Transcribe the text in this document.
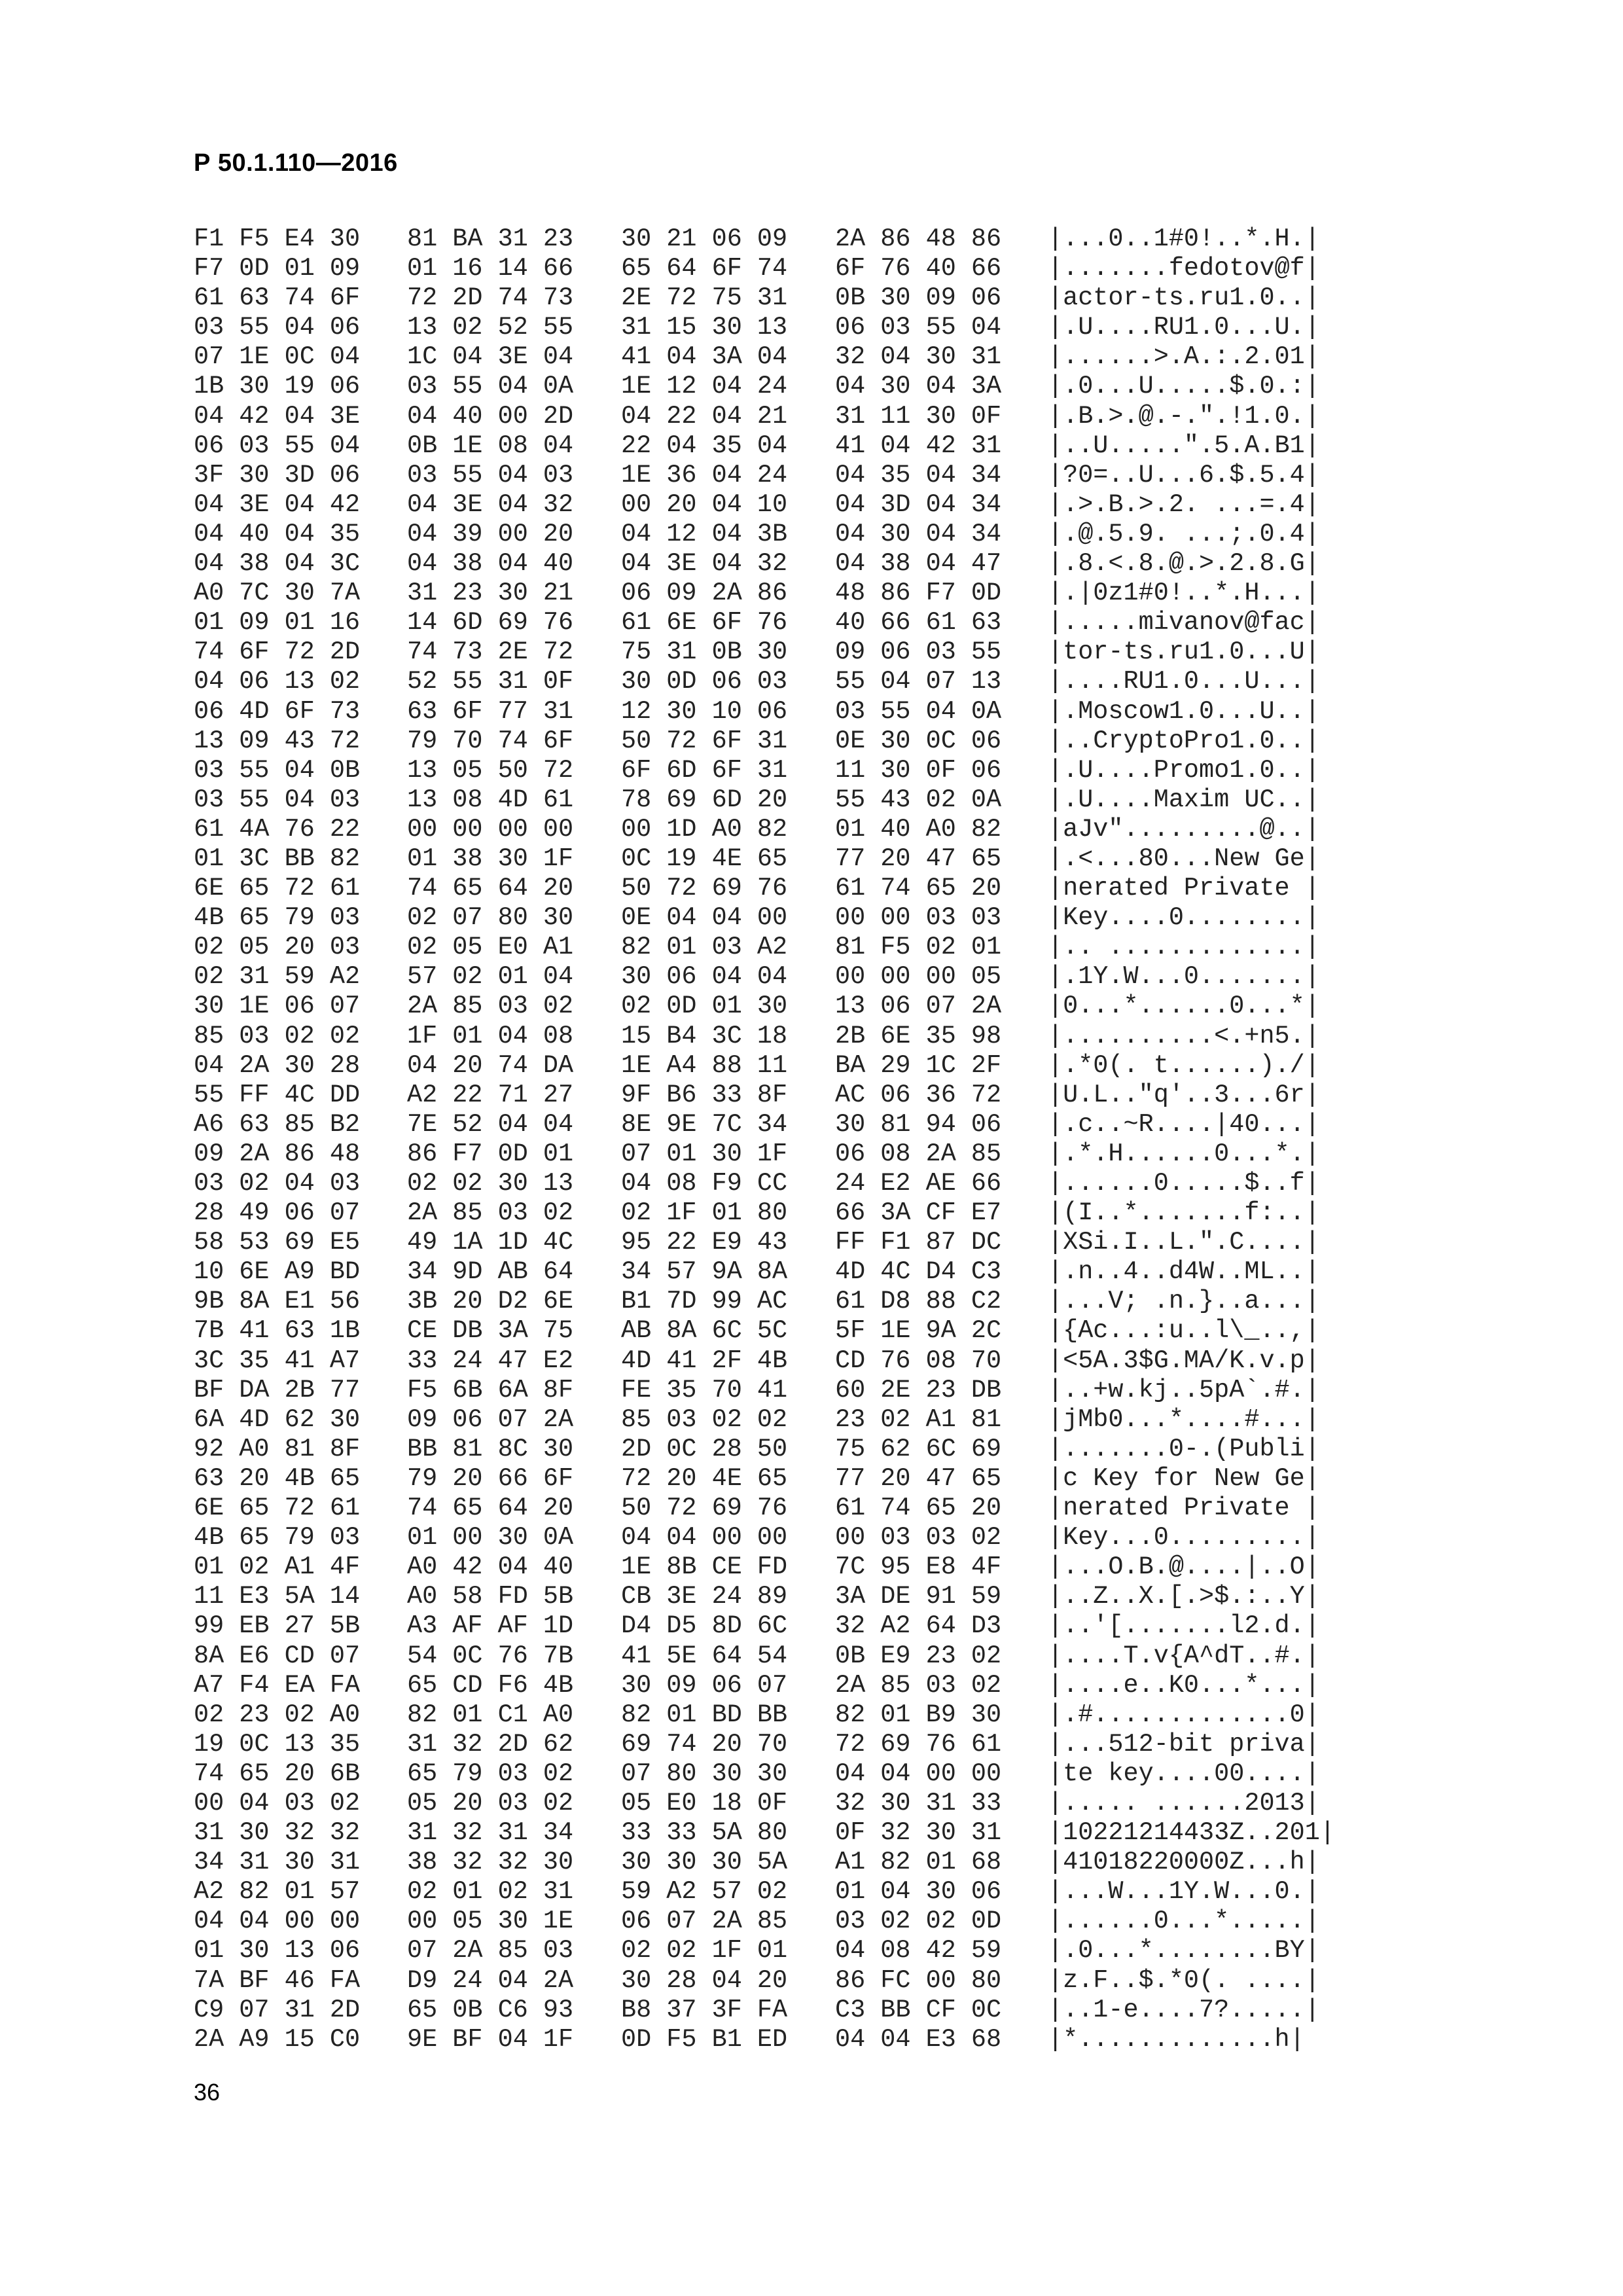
Р 50.1.110—2016
F1 F5 E4 30	81 BA 31 23	30 21 06 09	2A 86 48 86	|...0..1#0!..*.H.|
F7 0D 01 09	01 16 14 66	65 64 6F 74	6F 76 40 66	|.......fedotov@f|
61 63 74 6F	72 2D 74 73	2E 72 75 31	0B 30 09 06	|actor-ts.ru1.0..|
03 55 04 06	13 02 52 55	31 15 30 13	06 03 55 04	|.U....RU1.0...U.|
07 1E 0C 04	1C 04 3E 04	41 04 3A 04	32 04 30 31	|......>.A.:.2.01|
1B 30 19 06	03 55 04 0A	1E 12 04 24	04 30 04 3A	|.0...U.....$.0.:|
04 42 04 3E	04 40 00 2D	04 22 04 21	31 11 30 0F	|.B.>.@.-.".!1.0.|
06 03 55 04	0B 1E 08 04	22 04 35 04	41 04 42 31	|..U.....".5.A.B1|
3F 30 3D 06	03 55 04 03	1E 36 04 24	04 35 04 34	|?0=..U...6.$.5.4|
04 3E 04 42	04 3E 04 32	00 20 04 10	04 3D 04 34	|.>.B.>.2. ...=.4|
04 40 04 35	04 39 00 20	04 12 04 3B	04 30 04 34	|.@.5.9. ...;.0.4|
04 38 04 3C	04 38 04 40	04 3E 04 32	04 38 04 47	|.8.<.8.@.>.2.8.G|
A0 7C 30 7A	31 23 30 21	06 09 2A 86	48 86 F7 0D	|.|0z1#0!..*.H...|
01 09 01 16	14 6D 69 76	61 6E 6F 76	40 66 61 63	|.....mivanov@fac|
74 6F 72 2D	74 73 2E 72	75 31 0B 30	09 06 03 55	|tor-ts.ru1.0...U|
04 06 13 02	52 55 31 0F	30 0D 06 03	55 04 07 13	|....RU1.0...U...|
06 4D 6F 73	63 6F 77 31	12 30 10 06	03 55 04 0A	|.Moscow1.0...U..|
13 09 43 72	79 70 74 6F	50 72 6F 31	0E 30 0C 06	|..CryptoPro1.0..|
03 55 04 0B	13 05 50 72	6F 6D 6F 31	11 30 0F 06	|.U....Promo1.0..|
03 55 04 03	13 08 4D 61	78 69 6D 20	55 43 02 0A	|.U....Maxim UC..|
61 4A 76 22	00 00 00 00	00 1D A0 82	01 40 A0 82	|aJv".........@..|
01 3C BB 82	01 38 30 1F	0C 19 4E 65	77 20 47 65	|.<...80...New Ge|
6E 65 72 61	74 65 64 20	50 72 69 76	61 74 65 20	|nerated Private |
4B 65 79 03	02 07 80 30	0E 04 04 00	00 00 03 03	|Key....0........|
02 05 20 03	02 05 E0 A1	82 01 03 A2	81 F5 02 01	|.. .............|
02 31 59 A2	57 02 01 04	30 06 04 04	00 00 00 05	|.1Y.W...0.......|
30 1E 06 07	2A 85 03 02	02 0D 01 30	13 06 07 2A	|0...*......0...*|
85 03 02 02	1F 01 04 08	15 B4 3C 18	2B 6E 35 98	|..........<.+n5.|
04 2A 30 28	04 20 74 DA	1E A4 88 11	BA 29 1C 2F	|.*0(. t......)./|
55 FF 4C DD	A2 22 71 27	9F B6 33 8F	AC 06 36 72	|U.L.."q'..3...6r|
A6 63 85 B2	7E 52 04 04	8E 9E 7C 34	30 81 94 06	|.c..~R....|40...|
09 2A 86 48	86 F7 0D 01	07 01 30 1F	06 08 2A 85	|.*.H......0...*.|
03 02 04 03	02 02 30 13	04 08 F9 CC	24 E2 AE 66	|......0.....$..f|
28 49 06 07	2A 85 03 02	02 1F 01 80	66 3A CF E7	|(I..*.......f:..|
58 53 69 E5	49 1A 1D 4C	95 22 E9 43	FF F1 87 DC	|XSi.I..L.".C....|
10 6E A9 BD	34 9D AB 64	34 57 9A 8A	4D 4C D4 C3	|.n..4..d4W..ML..|
9B 8A E1 56	3B 20 D2 6E	B1 7D 99 AC	61 D8 88 C2	|...V; .n.}..a...|
7B 41 63 1B	CE DB 3A 75	AB 8A 6C 5C	5F 1E 9A 2C	|{Ac...:u..l\_..,|
3C 35 41 A7	33 24 47 E2	4D 41 2F 4B	CD 76 08 70	|<5A.3$G.MA/K.v.p|
BF DA 2B 77	F5 6B 6A 8F	FE 35 70 41	60 2E 23 DB	|..+w.kj..5pA`.#.|
6A 4D 62 30	09 06 07 2A	85 03 02 02	23 02 A1 81	|jMb0...*....#...|
92 A0 81 8F	BB 81 8C 30	2D 0C 28 50	75 62 6C 69	|.......0-.(Publi|
63 20 4B 65	79 20 66 6F	72 20 4E 65	77 20 47 65	|c Key for New Ge|
6E 65 72 61	74 65 64 20	50 72 69 76	61 74 65 20	|nerated Private |
4B 65 79 03	01 00 30 0A	04 04 00 00	00 03 03 02	|Key...0.........|
01 02 A1 4F	A0 42 04 40	1E 8B CE FD	7C 95 E8 4F	|...O.B.@....|..O|
11 E3 5A 14	A0 58 FD 5B	CB 3E 24 89	3A DE 91 59	|..Z..X.[.>$.:..Y|
99 EB 27 5B	A3 AF AF 1D	D4 D5 8D 6C	32 A2 64 D3	|..'[.......l2.d.|
8A E6 CD 07	54 0C 76 7B	41 5E 64 54	0B E9 23 02	|....T.v{A^dT..#.|
A7 F4 EA FA	65 CD F6 4B	30 09 06 07	2A 85 03 02	|....e..K0...*...|
02 23 02 A0	82 01 C1 A0	82 01 BD BB	82 01 B9 30	|.#.............0|
19 0C 13 35	31 32 2D 62	69 74 20 70	72 69 76 61	|...512-bit priva|
74 65 20 6B	65 79 03 02	07 80 30 30	04 04 00 00	|te key....00....|
00 04 03 02	05 20 03 02	05 E0 18 0F	32 30 31 33	|..... ......2013|
31 30 32 32	31 32 31 34	33 33 5A 80	0F 32 30 31	|10221214433Z..201|
34 31 30 31	38 32 32 30	30 30 30 5A	A1 82 01 68	|41018220000Z...h|
A2 82 01 57	02 01 02 31	59 A2 57 02	01 04 30 06	|...W...1Y.W...0.|
04 04 00 00	00 05 30 1E	06 07 2A 85	03 02 02 0D	|......0...*.....|
01 30 13 06	07 2A 85 03	02 02 1F 01	04 08 42 59	|.0...*........BY|
7A BF 46 FA	D9 24 04 2A	30 28 04 20	86 FC 00 80	|z.F..$.*0(. ....|
C9 07 31 2D	65 0B C6 93	B8 37 3F FA	C3 BB CF 0C	|..1-e....7?.....|
2A A9 15 C0	9E BF 04 1F	0D F5 B1 ED	04 04 E3 68	|*.............h|
36
